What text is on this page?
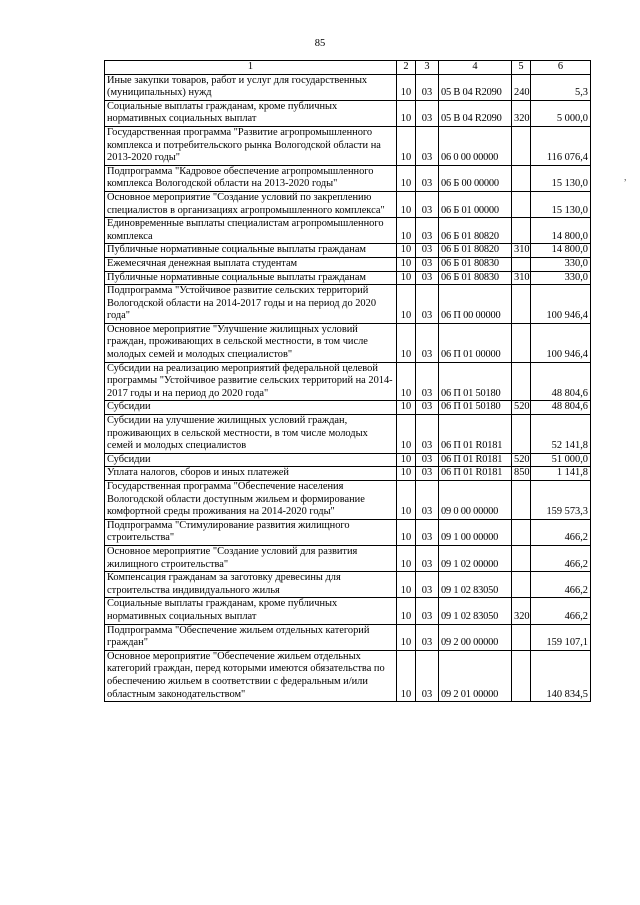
85
,
1	2	3	4	5	6
Иные закупки товаров, работ и услуг для государственных (муниципальных) нужд	10	03	05 В 04 R2090	240	5,3
Социальные выплаты гражданам, кроме публичных нормативных социальных выплат	10	03	05 В 04 R2090	320	5 000,0
Государственная программа "Развитие агропромышленного комплекса и потребительского рынка Вологодской области на 2013-2020 годы"	10	03	06 0 00 00000		116 076,4
Подпрограмма "Кадровое обеспечение агропромышленного комплекса Вологодской области на 2013-2020 годы"	10	03	06 Б 00 00000		15 130,0
Основное мероприятие "Создание условий по закреплению специалистов в организациях агропромышленного комплекса"	10	03	06 Б 01 00000		15 130,0
Единовременные выплаты специалистам агропромышленного комплекса	10	03	06 Б 01 80820		14 800,0
Публичные нормативные социальные выплаты гражданам	10	03	06 Б 01 80820	310	14 800,0
Ежемесячная денежная выплата студентам	10	03	06 Б 01 80830		330,0
Публичные нормативные социальные выплаты гражданам	10	03	06 Б 01 80830	310	330,0
Подпрограмма "Устойчивое развитие сельских территорий Вологодской области на 2014-2017 годы и на период до 2020 года"	10	03	06 П 00 00000		100 946,4
Основное мероприятие "Улучшение жилищных условий граждан, проживающих в сельской местности, в том числе молодых семей и молодых специалистов"	10	03	06 П 01 00000		100 946,4
Субсидии на реализацию мероприятий федеральной целевой программы "Устойчивое развитие сельских территорий на 2014-2017 годы и на период до 2020 года"	10	03	06 П 01 50180		48 804,6
Субсидии	10	03	06 П 01 50180	520	48 804,6
Субсидии на улучшение жилищных условий граждан, проживающих в сельской местности, в том числе молодых семей и молодых специалистов	10	03	06 П 01 R0181		52 141,8
Субсидии	10	03	06 П 01 R0181	520	51 000,0
Уплата налогов, сборов и иных платежей	10	03	06 П 01 R0181	850	1 141,8
Государственная программа "Обеспечение населения Вологодской области доступным жильем и формирование комфортной среды проживания на 2014-2020 годы"	10	03	09 0 00 00000		159 573,3
Подпрограмма "Стимулирование развития жилищного строительства"	10	03	09 1 00 00000		466,2
Основное мероприятие "Создание условий для развития жилищного строительства"	10	03	09 1 02 00000		466,2
Компенсация гражданам за заготовку древесины для строительства индивидуального жилья	10	03	09 1 02 83050		466,2
Социальные выплаты гражданам, кроме публичных нормативных социальных выплат	10	03	09 1 02 83050	320	466,2
Подпрограмма "Обеспечение жильем отдельных категорий граждан"	10	03	09 2 00 00000		159 107,1
Основное мероприятие "Обеспечение жильем отдельных категорий граждан, перед которыми имеются обязательства по обеспечению жильем в соответствии с федеральным и/или областным законодательством"	10	03	09 2 01 00000		140 834,5
